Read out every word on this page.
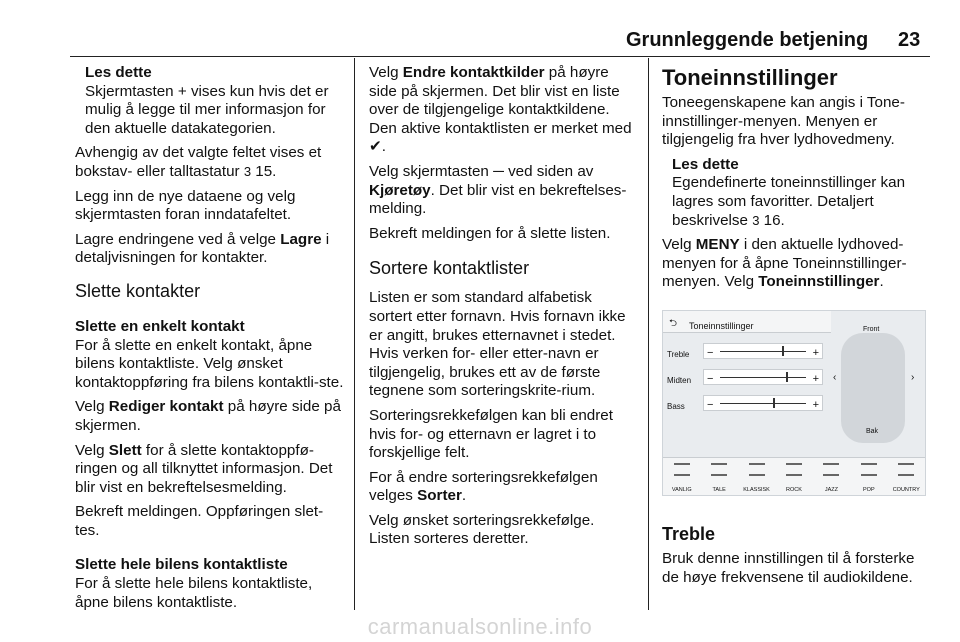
Grunnleggende betjening 23
Les dette
Skjermtasten + vises kun hvis det er mulig å legge til mer informasjon for den aktuelle datakategorien.

Avhengig av det valgte feltet vises et bokstav- eller talltastatur 3 15.

Legg inn de nye dataene og velg skjermtasten foran inndatafeltet.

Lagre endringene ved å velge Lagre i detaljvisningen for kontakter.

Slette kontakter
Slette en enkelt kontakt

For å slette en enkelt kontakt, åpne bilens kontaktliste. Velg ønsket kontaktoppføring fra bilens kontaktli-ste.

Velg Rediger kontakt på høyre side på skjermen.

Velg Slett for å slette kontaktoppfø-ringen og all tilknyttet informasjon. Det blir vist en bekreftelsesmelding.

Bekreft meldingen. Oppføringen slet-tes.

Slette hele bilens kontaktliste

For å slette hele bilens kontaktliste, åpne bilens kontaktliste.

Velg Endre kontaktkilder på høyre side på skjermen. Det blir vist en liste over de tilgjengelige kontaktkildene. Den aktive kontaktlisten er merket med ✔.

Velg skjermtasten ─ ved siden av Kjøretøy. Det blir vist en bekreftelses-melding.

Bekreft meldingen for å slette listen.

Sortere kontaktlister

Listen er som standard alfabetisk sortert etter fornavn. Hvis fornavn ikke er angitt, brukes etternavnet i stedet. Hvis verken for- eller etter-navn er tilgjengelig, brukes ett av de første tegnene som sorteringskrite-rium.

Sorteringsrekkefølgen kan bli endret hvis for- og etternavn er lagret i to forskjellige felt.

For å endre sorteringsrekkefølgen velges Sorter.

Velg ønsket sorteringsrekkefølge. Listen sorteres deretter.

Toneinnstillinger

Toneegenskapene kan angis i Tone-innstillinger-menyen. Menyen er tilgjengelig fra hver lydhovedmeny.

Les dette
Egendefinerte toneinnstillinger kan lagres som favoritter. Detaljert beskrivelse 3 16.

Velg MENY i den aktuelle lydhoved-menyen for å åpne Toneinnstillinger-menyen. Velg Toneinnstillinger.

⮌ Toneinnstillinger
Treble −	+
Midten −	+
Bass −	+
Front
Bak
‹	›
VANLIG	TALE	KLASSISK	ROCK	JAZZ	POP	COUNTRY
Treble

Bruk denne innstillingen til å forsterke de høye frekvensene til audiokildene.

carmanualsonline.info
